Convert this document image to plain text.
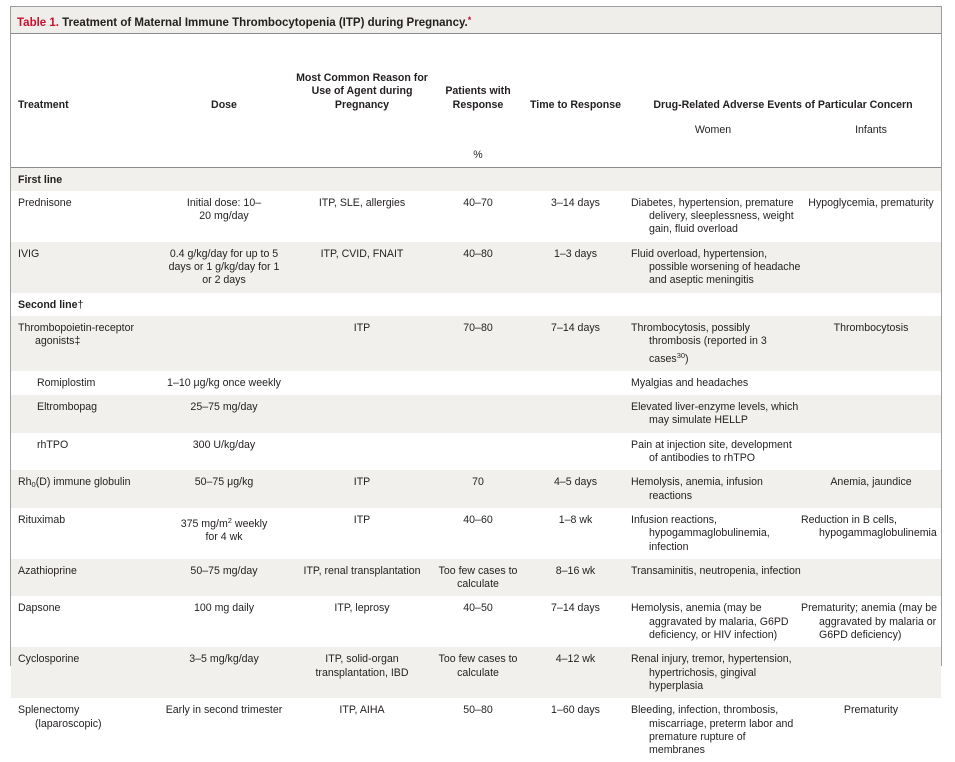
Table 1. Treatment of Maternal Immune Thrombocytopenia (ITP) during Pregnancy.*
Treatment	Dose	Most Common Reason for Use of Agent during Pregnancy	Patients with Response	Time to Response	Drug-Related Adverse Events of Particular Concern	
					Women	Infants
			%			
First line						
Prednisone	Initial dose: 10–20 mg/day	ITP, SLE, allergies	40–70	3–14 days	Diabetes, hypertension, premature delivery, sleeplessness, weight gain, fluid overload	Hypoglycemia, prematurity
IVIG	0.4 g/kg/day for up to 5 days or 1 g/kg/day for 1 or 2 days	ITP, CVID, FNAIT	40–80	1–3 days	Fluid overload, hypertension, possible worsening of headache and aseptic meningitis	

Second line†						

Thrombopoietin-receptor agonists‡		ITP	70–80	7–14 days	Thrombocytosis, possibly thrombosis (reported in 3 cases$^{30}$)	Thrombocytosis
Romiplostim	1–10 μg/kg once weekly				Myalgias and headaches	

Eltrombopag	25–75 mg/day				Elevated liver-enzyme levels, which may simulate HELLP	

rhTPO	300 U/kg/day				Pain at injection site, development of antibodies to rhTPO	

$Rh_0(D)$ immune globulin	50–75 μg/kg	ITP	70	4–5 days	Hemolysis, anemia, infusion reactions	Anemia, jaundice
Rituximab	375 $mg/m^2$ weekly for 4 wk	ITP	40–60	1–8 wk	Infusion reactions, hypogammaglobulinemia, infection	Reduction in B cells, hypogammaglobulinemia

Azathioprine	50–75 mg/day	ITP, renal transplantation	Too few cases to calculate	8–16 wk	Transaminitis, neutropenia, infection	

Dapsone	100 mg daily	ITP, leprosy	40–50	7–14 days	Hemolysis, anemia (may be aggravated by malaria, G6PD deficiency, or HIV infection)	Prematurity; anemia (may be aggravated by malaria or G6PD deficiency)

Cyclosporine	3–5 mg/kg/day	ITP, solid-organ transplantation, IBD	Too few cases to calculate	4–12 wk	Renal injury, tremor, hypertension, hypertrichosis, gingival hyperplasia	

Splenectomy (laparoscopic)	Early in second trimester	ITP, AIHA	50–80	1–60 days	Bleeding, infection, thrombosis, miscarriage, preterm labor and premature rupture of membranes	Prematurity
